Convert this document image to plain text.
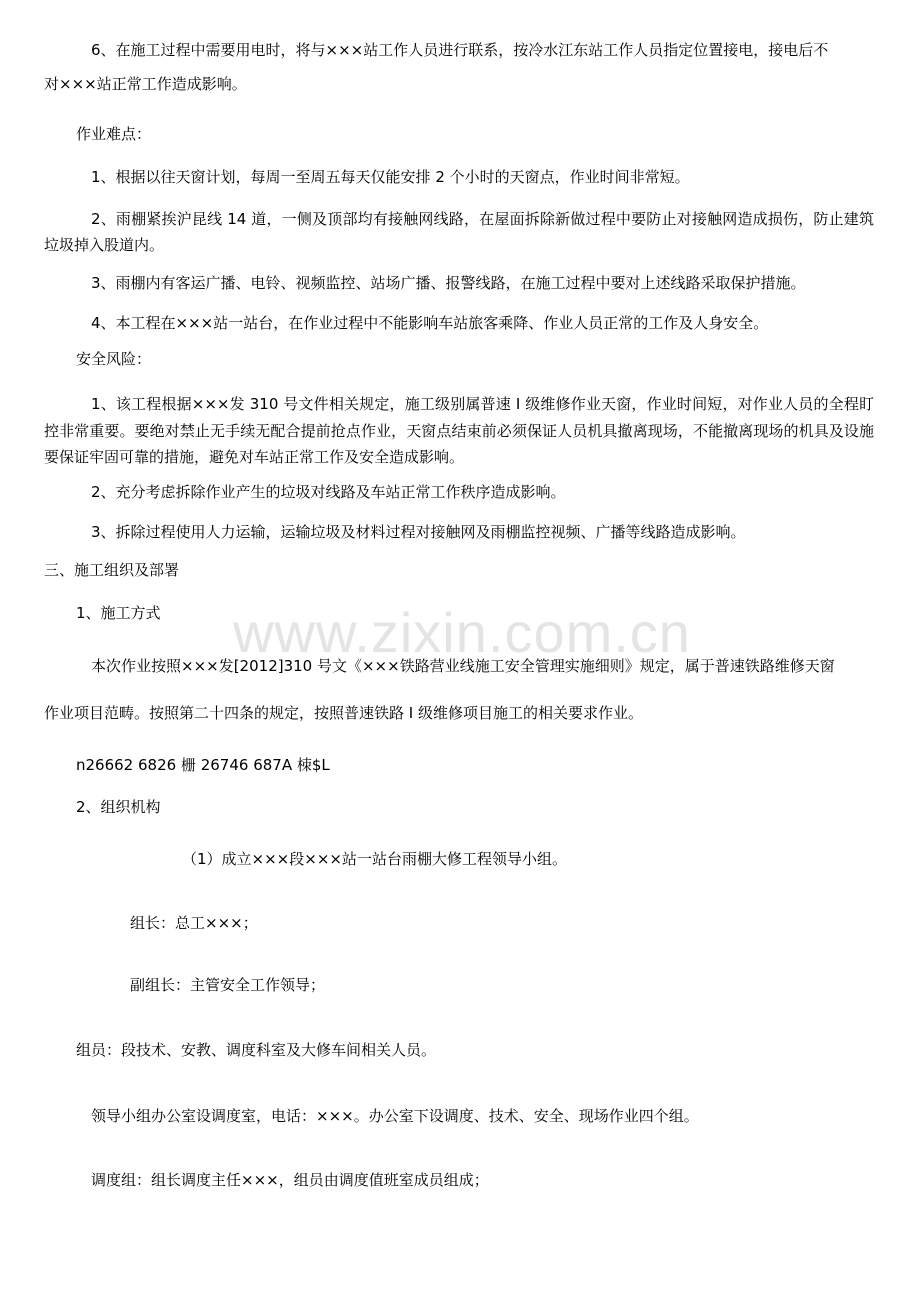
www.zixin.com.cn
6、在施工过程中需要用电时，将与×××站工作人员进行联系，按冷水江东站工作人员指定位置接电，接电后不
对×××站正常工作造成影响。
作业难点：
1、根据以往天窗计划，每周一至周五每天仅能安排 2 个小时的天窗点，作业时间非常短。
2、雨棚紧挨沪昆线 14 道，一侧及顶部均有接触网线路，在屋面拆除新做过程中要防止对接触网造成损伤，防止建筑垃圾掉入股道内。
3、雨棚内有客运广播、电铃、视频监控、站场广播、报警线路，在施工过程中要对上述线路采取保护措施。
4、本工程在×××站一站台，在作业过程中不能影响车站旅客乘降、作业人员正常的工作及人身安全。
安全风险：
1、该工程根据×××发 310 号文件相关规定，施工级别属普速 I 级维修作业天窗，作业时间短，对作业人员的全程盯控非常重要。要绝对禁止无手续无配合提前抢点作业，天窗点结束前必须保证人员机具撤离现场，不能撤离现场的机具及设施要保证牢固可靠的措施，避免对车站正常工作及安全造成影响。
2、充分考虑拆除作业产生的垃圾对线路及车站正常工作秩序造成影响。
3、拆除过程使用人力运输，运输垃圾及材料过程对接触网及雨棚监控视频、广播等线路造成影响。
三、施工组织及部署
1、施工方式
本次作业按照×××发[2012]310 号文《×××铁路营业线施工安全管理实施细则》规定，属于普速铁路维修天窗
作业项目范畴。按照第二十四条的规定，按照普速铁路 I 级维修项目施工的相关要求作业。
n26662 6826 栅 26746 687A 栜$L
2、组织机构
（1）成立×××段×××站一站台雨棚大修工程领导小组。
组长：总工×××；
副组长：主管安全工作领导；
组员：段技术、安教、调度科室及大修车间相关人员。
领导小组办公室设调度室，电话：×××。办公室下设调度、技术、安全、现场作业四个组。
调度组：组长调度主任×××，组员由调度值班室成员组成；
